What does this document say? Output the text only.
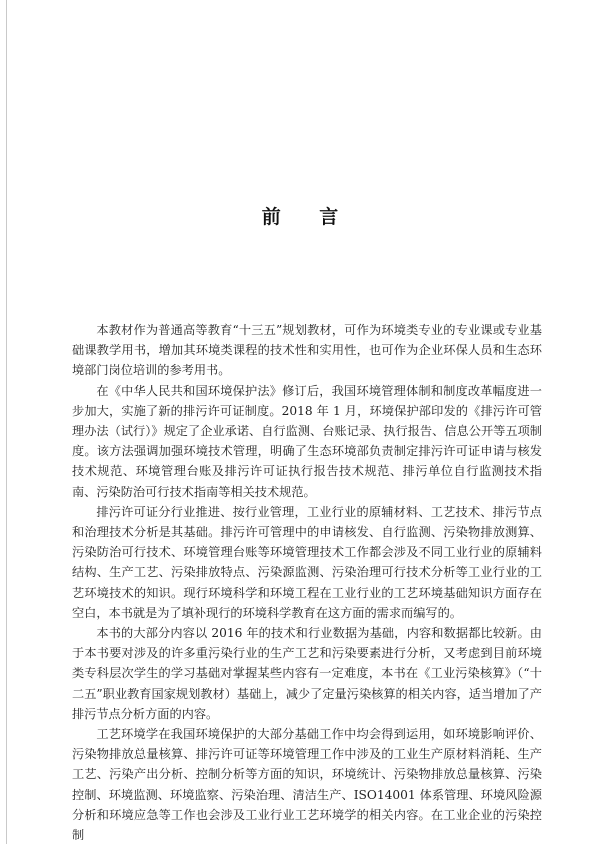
前 言

本教材作为普通高等教育“十三五”规划教材，可作为环境类专业的专业课或专业基础课教学用书，增加其环境类课程的技术性和实用性，也可作为企业环保人员和生态环境部门岗位培训的参考用书。

在《中华人民共和国环境保护法》修订后，我国环境管理体制和制度改革幅度进一步加大，实施了新的排污许可证制度。2018 年 1 月，环境保护部印发的《排污许可管理办法（试行）》规定了企业承诺、自行监测、台账记录、执行报告、信息公开等五项制度。该方法强调加强环境技术管理，明确了生态环境部负责制定排污许可证申请与核发技术规范、环境管理台账及排污许可证执行报告技术规范、排污单位自行监测技术指南、污染防治可行技术指南等相关技术规范。

排污许可证分行业推进、按行业管理，工业行业的原辅材料、工艺技术、排污节点和治理技术分析是其基础。排污许可管理中的申请核发、自行监测、污染物排放测算、污染防治可行技术、环境管理台账等环境管理技术工作都会涉及不同工业行业的原辅料结构、生产工艺、污染排放特点、污染源监测、污染治理可行技术分析等工业行业的工艺环境技术的知识。现行环境科学和环境工程在工业行业的工艺环境基础知识方面存在空白，本书就是为了填补现行的环境科学教育在这方面的需求而编写的。

本书的大部分内容以 2016 年的技术和行业数据为基础，内容和数据都比较新。由于本书要对涉及的许多重污染行业的生产工艺和污染要素进行分析，又考虑到目前环境类专科层次学生的学习基础对掌握某些内容有一定难度，本书在《工业污染核算》（“十二五”职业教育国家规划教材）基础上，减少了定量污染核算的相关内容，适当增加了产排污节点分析方面的内容。

工艺环境学在我国环境保护的大部分基础工作中均会得到运用，如环境影响评价、污染物排放总量核算、排污许可证等环境管理工作中涉及的工业生产原材料消耗、生产工艺、污染产出分析、控制分析等方面的知识，环境统计、污染物排放总量核算、污染控制、环境监测、环境监察、污染治理、清洁生产、ISO14001 体系管理、环境风险源分析和环境应急等工作也会涉及工业行业工艺环境学的相关内容。在工业企业的污染控制
